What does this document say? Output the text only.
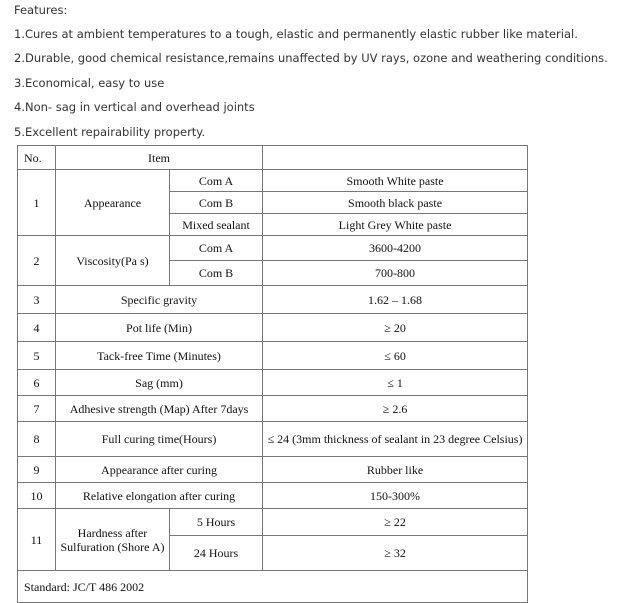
Features:
1.Cures at ambient temperatures to a tough, elastic and permanently elastic rubber like material.
2.Durable, good chemical resistance,remains unaffected by UV rays, ozone and weathering conditions.
3.Economical, easy to use
4.Non- sag in vertical and overhead joints
5.Excellent repairability property.
No.	Item		
1	Appearance	Com A	Smooth White paste
		Com B	Smooth black paste
		Mixed sealant	Light Grey White paste
2	Viscosity(Pa s)	Com A	3600-4200
		Com B	700-800
3	Specific gravity		1.62 – 1.68
4	Pot life (Min)		≥ 20
5	Tack-free Time (Minutes)		≤ 60
6	Sag (mm)		≤ 1
7	Adhesive strength (Map) After 7days		≥ 2.6
8	Full curing time(Hours)		≤ 24 (3mm thickness of sealant in 23 degree Celsius)
9	Appearance after curing		Rubber like
10	Relative elongation after curing		150-300%
11	Hardness after Sulfuration (Shore A)	5 Hours	≥ 22
		24 Hours	≥ 32
Standard: JC/T 486 2002			
